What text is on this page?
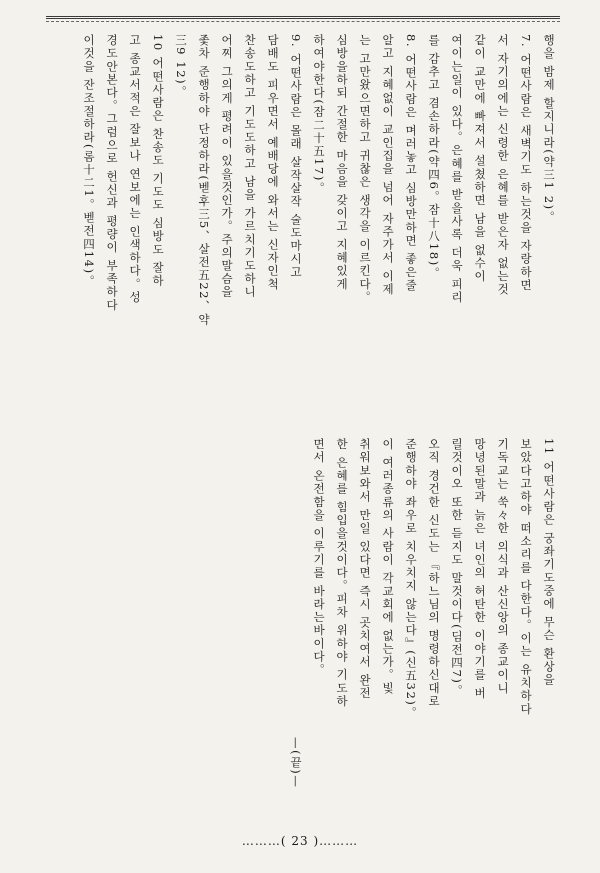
행을 밤제 할지니라(약三1 2)。
7. 어떤사람은 새벽기도 하는것을 자랑하면
서 자기의에는 신령한 은혜를 받은자 없는것
같이 교만에 빠져서 설쳤하면 남을 없수이
여이는일이 있다。은혜를 받을사록 더욱 피리
를 감추고 겸손하라(약四6。잠十八18)。
8. 어떤사람은 며러놓고 심방만하면 좋은줄
알고 지혜없이 교인집을 넘어 자주가서 이제
는 고만왔으면하고 귀찮은 생각을 이르킨다。
심방을하되 간절한 마음을 갖이고 지혜있게
하여야한다(잠二十五17)。
9. 어떤사람은 몰래 살작살작 술도마시고
담배도 피우면서 예배당에 와서는 신자인척
찬송도하고 기도도하고 남을 가르치기도하니
어찌 그의게 평려이 있을것인가。주의말슴을
좇차 준행하야 단정하라(벧후三5、살전五22、약
三9 12)。
10 어떤사람은 찬송도 기도도 심방도 잘하
고 종교서적은 잘보나 연보에는 인색하다。성
경도안본다。그럼으로 헌신과 평량이 부족하다
이것을 잔조절하라(롬十二1。벧전四14)。
11 어떤사람은 궁좌기도중에 무슨 환상을
보았다고하야 떠소리를 다한다。이는 유치하다
기독교는 쑥々한 의식과 산신앙의 종교이니
망녕된말과 늙은 녀인의 허탄한 이야기를 버
릴것이오 또한 듣지도 말것이다(딤전四7)。
오직 경건한 신도는 『하느님의 명령하신대로
준행하야 좌우로 치우치지 않는다』(신五32)。
이 여러종류의 사람이 각교회에 없는가。빛
취워보와서 만일 있다면 즉시 곳치여서 완전
한 은혜를 힘입을것이다。피차 위하야 기도하
면서 온전함을 이루기를 바라는바이다。
—(끝)—
………( 23 )………
